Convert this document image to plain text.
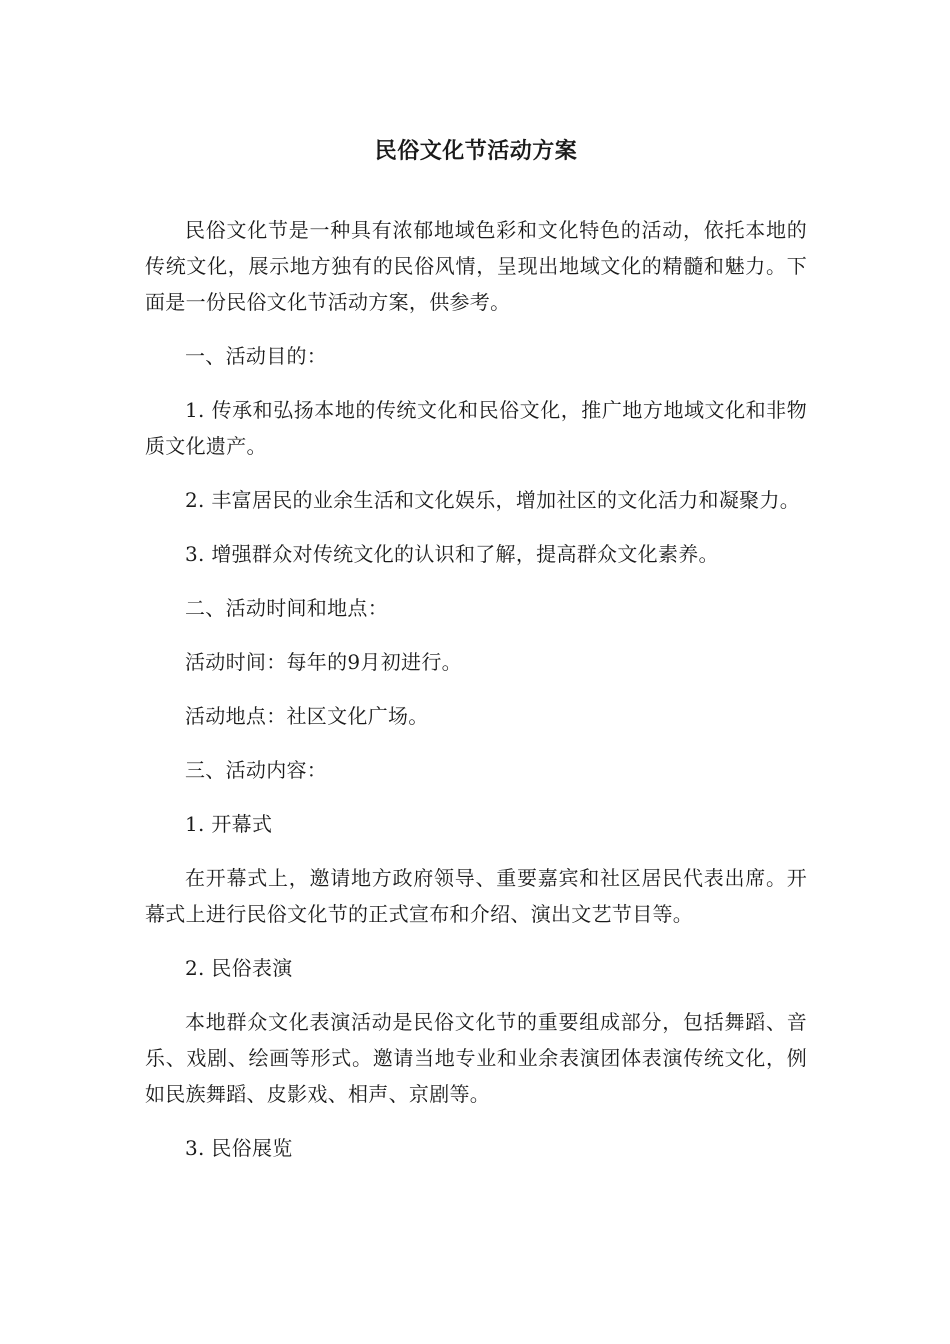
民俗文化节活动方案

民俗文化节是一种具有浓郁地域色彩和文化特色的活动，依托本地的传统文化，展示地方独有的民俗风情，呈现出地域文化的精髓和魅力。下面是一份民俗文化节活动方案，供参考。

一、活动目的：

1. 传承和弘扬本地的传统文化和民俗文化，推广地方地域文化和非物质文化遗产。

2. 丰富居民的业余生活和文化娱乐，增加社区的文化活力和凝聚力。

3. 增强群众对传统文化的认识和了解，提高群众文化素养。

二、活动时间和地点：

活动时间：每年的9月初进行。

活动地点：社区文化广场。

三、活动内容：

1. 开幕式

在开幕式上，邀请地方政府领导、重要嘉宾和社区居民代表出席。开幕式上进行民俗文化节的正式宣布和介绍、演出文艺节目等。

2. 民俗表演

本地群众文化表演活动是民俗文化节的重要组成部分，包括舞蹈、音乐、戏剧、绘画等形式。邀请当地专业和业余表演团体表演传统文化，例如民族舞蹈、皮影戏、相声、京剧等。

3. 民俗展览
